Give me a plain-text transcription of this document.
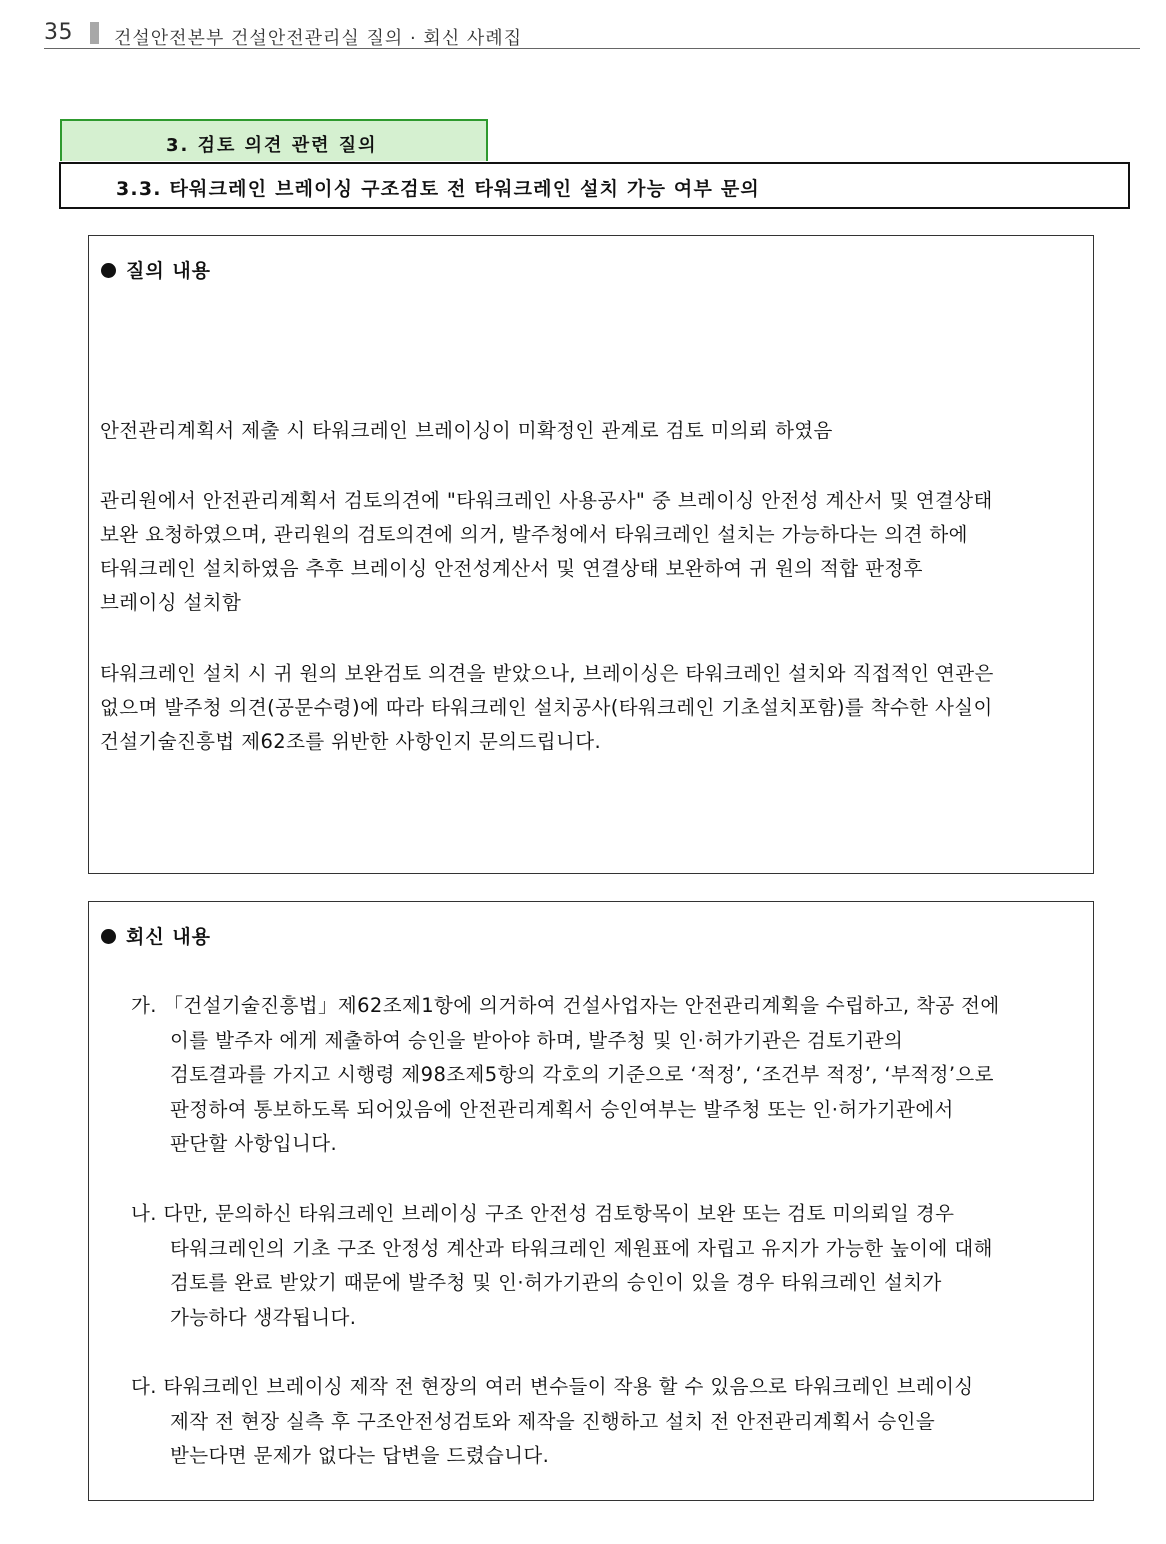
35 건설안전본부 건설안전관리실 질의 · 회신 사례집
3. 검토 의견 관련 질의
3.3. 타워크레인 브레이싱 구조검토 전 타워크레인 설치 가능 여부 문의
질의 내용
안전관리계획서 제출 시 타워크레인 브레이싱이 미확정인 관계로 검토 미의뢰 하였음
관리원에서 안전관리계획서 검토의견에 "타워크레인 사용공사" 중 브레이싱 안전성 계산서 및 연결상태
보완 요청하였으며, 관리원의 검토의견에 의거, 발주청에서 타워크레인 설치는 가능하다는 의견 하에
타워크레인 설치하였음 추후 브레이싱 안전성계산서 및 연결상태 보완하여 귀 원의 적합 판정후
브레이싱 설치함
타워크레인 설치 시 귀 원의 보완검토 의견을 받았으나, 브레이싱은 타워크레인 설치와 직접적인 연관은
없으며 발주청 의견(공문수령)에 따라 타워크레인 설치공사(타워크레인 기초설치포함)를 착수한 사실이
건설기술진흥법 제62조를 위반한 사항인지 문의드립니다.
회신 내용
가. 「건설기술진흥법」제62조제1항에 의거하여 건설사업자는 안전관리계획을 수립하고, 착공 전에
이를 발주자 에게 제출하여 승인을 받아야 하며, 발주청 및 인·허가기관은 검토기관의
검토결과를 가지고 시행령 제98조제5항의 각호의 기준으로 ‘적정’, ‘조건부 적정’, ‘부적정’으로
판정하여 통보하도록 되어있음에 안전관리계획서 승인여부는 발주청 또는 인·허가기관에서
판단할 사항입니다.
나. 다만, 문의하신 타워크레인 브레이싱 구조 안전성 검토항목이 보완 또는 검토 미의뢰일 경우
타워크레인의 기초 구조 안정성 계산과 타워크레인 제원표에 자립고 유지가 가능한 높이에 대해
검토를 완료 받았기 때문에 발주청 및 인·허가기관의 승인이 있을 경우 타워크레인 설치가
가능하다 생각됩니다.
다. 타워크레인 브레이싱 제작 전 현장의 여러 변수들이 작용 할 수 있음으로 타워크레인 브레이싱
제작 전 현장 실측 후 구조안전성검토와 제작을 진행하고 설치 전 안전관리계획서 승인을
받는다면 문제가 없다는 답변을 드렸습니다.
